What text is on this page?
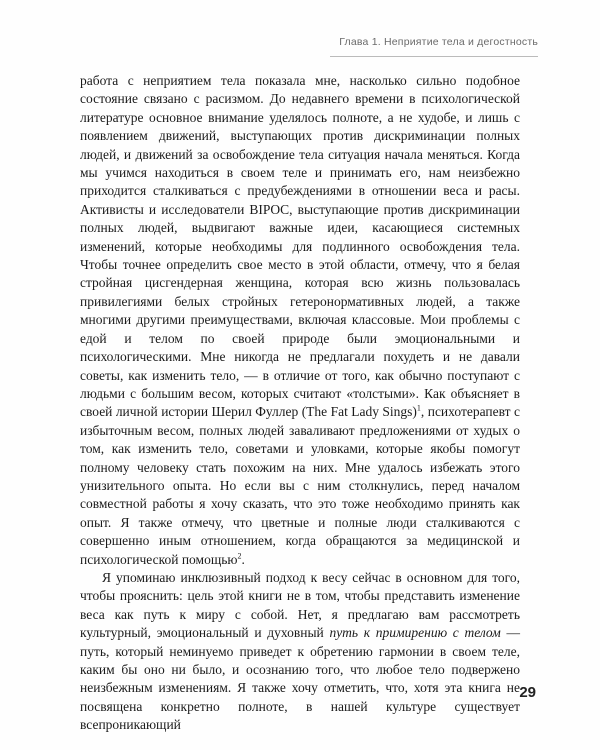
Глава 1. Неприятие тела и дегостность

работа с неприятием тела показала мне, насколько сильно подобное состояние связано с расизмом. До недавнего времени в психологической литературе основное внимание уделялось полноте, а не худобе, и лишь с появлением движений, выступающих против дискриминации полных людей, и движений за освобождение тела ситуация начала меняться. Когда мы учимся находиться в своем теле и принимать его, нам неизбежно приходится сталкиваться с предубеждениями в отношении веса и расы. Активисты и исследователи BIPOC, выступающие против дискриминации полных людей, выдвигают важные идеи, касающиеся системных изменений, которые необходимы для подлинного освобождения тела. Чтобы точнее определить свое место в этой области, отмечу, что я белая стройная цисгендерная женщина, которая всю жизнь пользовалась привилегиями белых стройных гетеронормативных людей, а также многими другими преимуществами, включая классовые. Мои проблемы с едой и телом по своей природе были эмоциональными и психологическими. Мне никогда не предлагали похудеть и не давали советы, как изменить тело, — в отличие от того, как обычно поступают с людьми с большим весом, которых считают «толстыми». Как объясняет в своей личной истории Шерил Фуллер (The Fat Lady Sings)$^1$, психотерапевт с избыточным весом, полных людей заваливают предложениями от худых о том, как изменить тело, советами и уловками, которые якобы помогут полному человеку стать похожим на них. Мне удалось избежать этого унизительного опыта. Но если вы с ним столкнулись, перед началом совместной работы я хочу сказать, что это тоже необходимо принять как опыт. Я также отмечу, что цветные и полные люди сталкиваются с совершенно иным отношением, когда обращаются за медицинской и психологической помощью$^2$.

Я упоминаю инклюзивный подход к весу сейчас в основном для того, чтобы прояснить: цель этой книги не в том, чтобы представить изменение веса как путь к миру с собой. Нет, я предлагаю вам рассмотреть культурный, эмоциональный и духовный путь к примирению с телом — путь, который неминуемо приведет к обретению гармонии в своем теле, каким бы оно ни было, и осознанию того, что любое тело подвержено неизбежным изменениям. Я также хочу отметить, что, хотя эта книга не посвящена конкретно полноте, в нашей культуре существует всепроникающий

29
